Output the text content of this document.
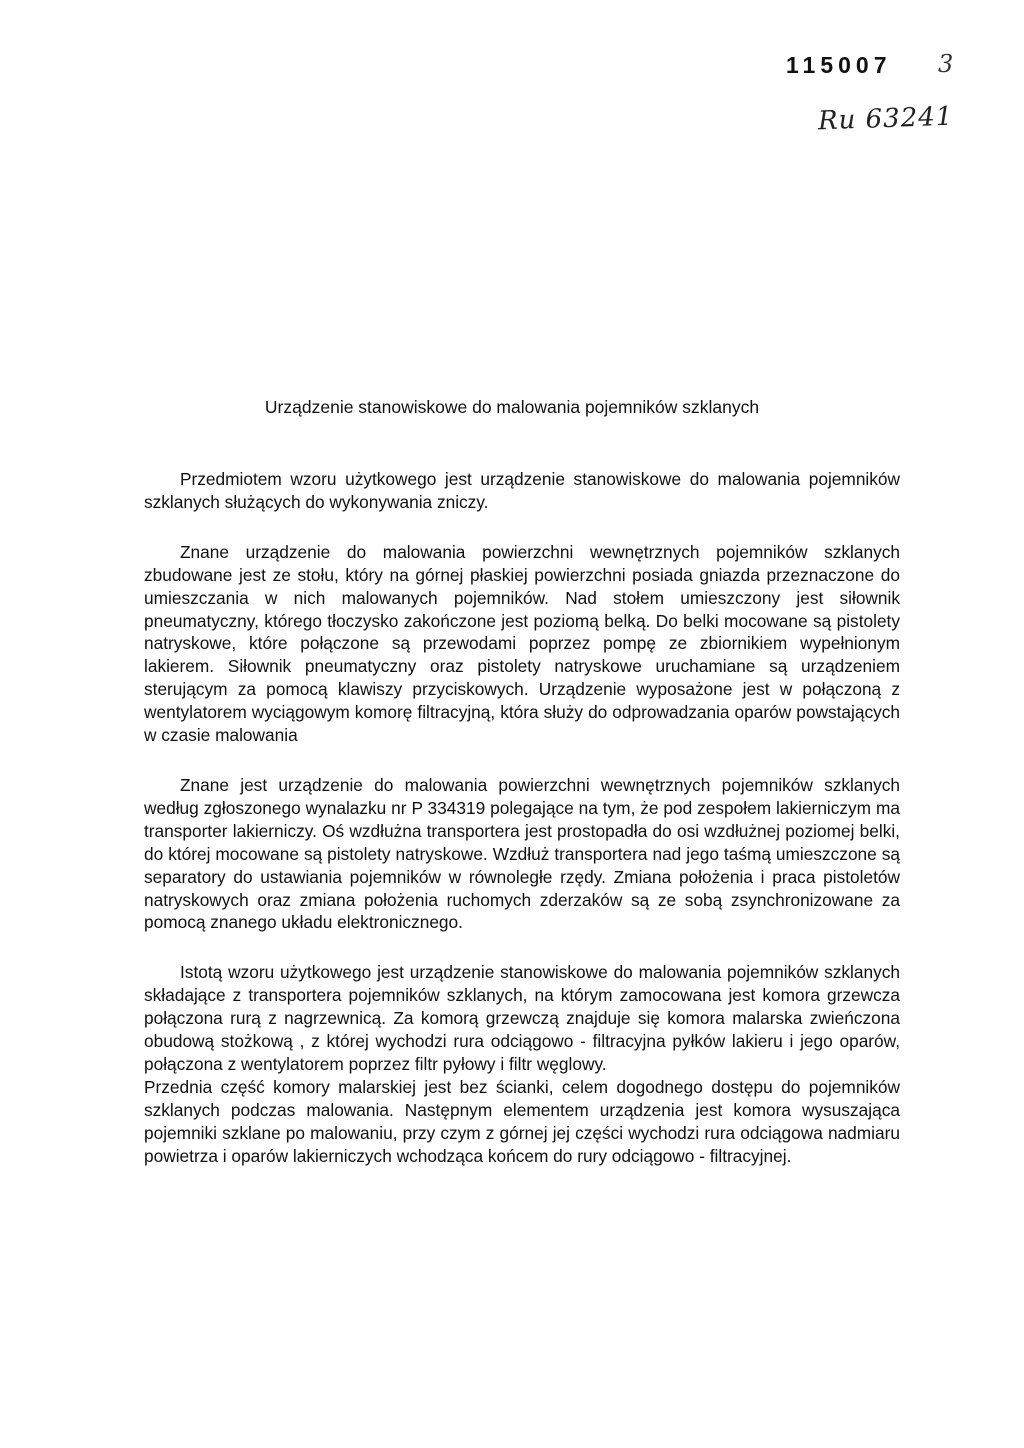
115007 3
Ru 63241
Urządzenie stanowiskowe do malowania pojemników szklanych

Przedmiotem wzoru użytkowego jest urządzenie stanowiskowe do malowania pojemników szklanych służących do wykonywania zniczy.

Znane urządzenie do malowania powierzchni wewnętrznych pojemników szklanych zbudowane jest ze stołu, który na górnej płaskiej powierzchni posiada gniazda przeznaczone do umieszczania w nich malowanych pojemników. Nad stołem umieszczony jest siłownik pneumatyczny, którego tłoczysko zakończone jest poziomą belką. Do belki mocowane są pistolety natryskowe, które połączone są przewodami poprzez pompę ze zbiornikiem wypełnionym lakierem. Siłownik pneumatyczny oraz pistolety natryskowe uruchamiane są urządzeniem sterującym za pomocą klawiszy przyciskowych. Urządzenie wyposażone jest w połączoną z wentylatorem wyciągowym komorę filtracyjną, która służy do odprowadzania oparów powstających w czasie malowania

Znane jest urządzenie do malowania powierzchni wewnętrznych pojemników szklanych według zgłoszonego wynalazku nr P 334319 polegające na tym, że pod zespołem lakierniczym ma transporter lakierniczy. Oś wzdłużna transportera jest prostopadła do osi wzdłużnej poziomej belki, do której mocowane są pistolety natryskowe. Wzdłuż transportera nad jego taśmą umieszczone są separatory do ustawiania pojemników w równoległe rzędy. Zmiana położenia i praca pistoletów natryskowych oraz zmiana położenia ruchomych zderzaków są ze sobą zsynchronizowane za pomocą znanego układu elektronicznego.

Istotą wzoru użytkowego jest urządzenie stanowiskowe do malowania pojemników szklanych składające z transportera pojemników szklanych, na którym zamocowana jest komora grzewcza połączona rurą z nagrzewnicą. Za komorą grzewczą znajduje się komora malarska zwieńczona obudową stożkową , z której wychodzi rura odciągowo - filtracyjna pyłków lakieru i jego oparów, połączona z wentylatorem poprzez filtr pyłowy i filtr węglowy.

Przednia część komory malarskiej jest bez ścianki, celem dogodnego dostępu do pojemników szklanych podczas malowania. Następnym elementem urządzenia jest komora wysuszająca pojemniki szklane po malowaniu, przy czym z górnej jej części wychodzi rura odciągowa nadmiaru powietrza i oparów lakierniczych wchodząca końcem do rury odciągowo - filtracyjnej.
